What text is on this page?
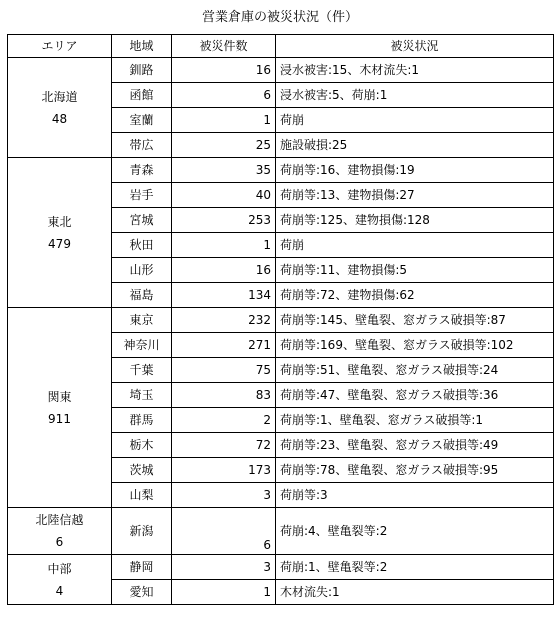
営業倉庫の被災状況（件）
エリア	地域	被災件数	被災状況

北海道
48	釧路	16	浸水被害:15、木材流失:1
	函館	6	浸水被害:5、荷崩:1
	室蘭	1	荷崩
	帯広	25	施設破損:25

東北
479	青森	35	荷崩等:16、建物損傷:19
	岩手	40	荷崩等:13、建物損傷:27
	宮城	253	荷崩等:125、建物損傷:128
	秋田	1	荷崩
	山形	16	荷崩等:11、建物損傷:5
	福島	134	荷崩等:72、建物損傷:62

関東
911	東京	232	荷崩等:145、壁亀裂、窓ガラス破損等:87
	神奈川	271	荷崩等:169、壁亀裂、窓ガラス破損等:102
	千葉	75	荷崩等:51、壁亀裂、窓ガラス破損等:24
	埼玉	83	荷崩等:47、壁亀裂、窓ガラス破損等:36
	群馬	2	荷崩等:1、壁亀裂、窓ガラス破損等:1
	栃木	72	荷崩等:23、壁亀裂、窓ガラス破損等:49
	茨城	173	荷崩等:78、壁亀裂、窓ガラス破損等:95
	山梨	3	荷崩等:3

北陸信越
6	新潟	6	荷崩:4、壁亀裂等:2

中部
4	静岡	3	荷崩:1、壁亀裂等:2
	愛知	1	木材流失:1
